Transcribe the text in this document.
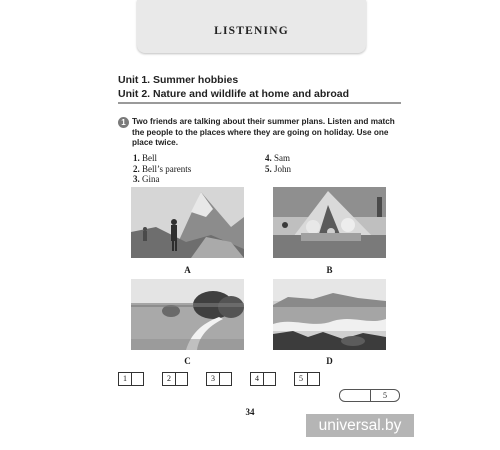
LISTENING
Unit 1. Summer hobbies
Unit 2. Nature and wildlife at home and abroad
1 Two friends are talking about their summer plans. Listen and match the people to the places where they are going on holiday. Use one place twice.
1. Bell
2. Bell’s parents
3. Gina
4. Sam
5. John
A	B
C	D
1	2	3	4	5
5
34
universal.by
